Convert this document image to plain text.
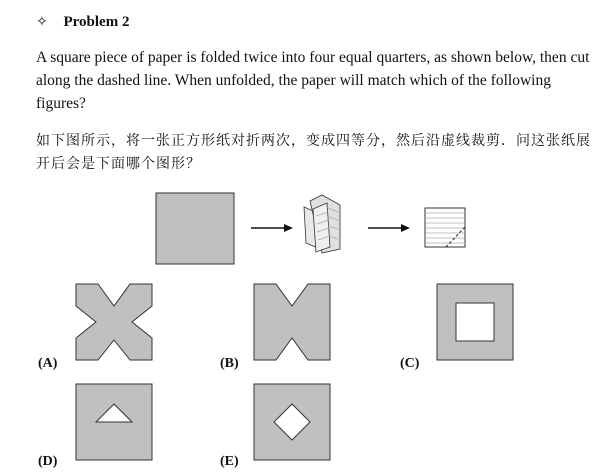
✧ Problem 2
A square piece of paper is folded twice into four equal quarters, as shown below, then cut along the dashed line. When unfolded, the paper will match which of the following figures?
如下图所示，将一张正方形纸对折两次，变成四等分，然后沿虚线裁剪．问这张纸展开后会是下面哪个图形？
(A)	(B)	(C)
(D)	(E)
